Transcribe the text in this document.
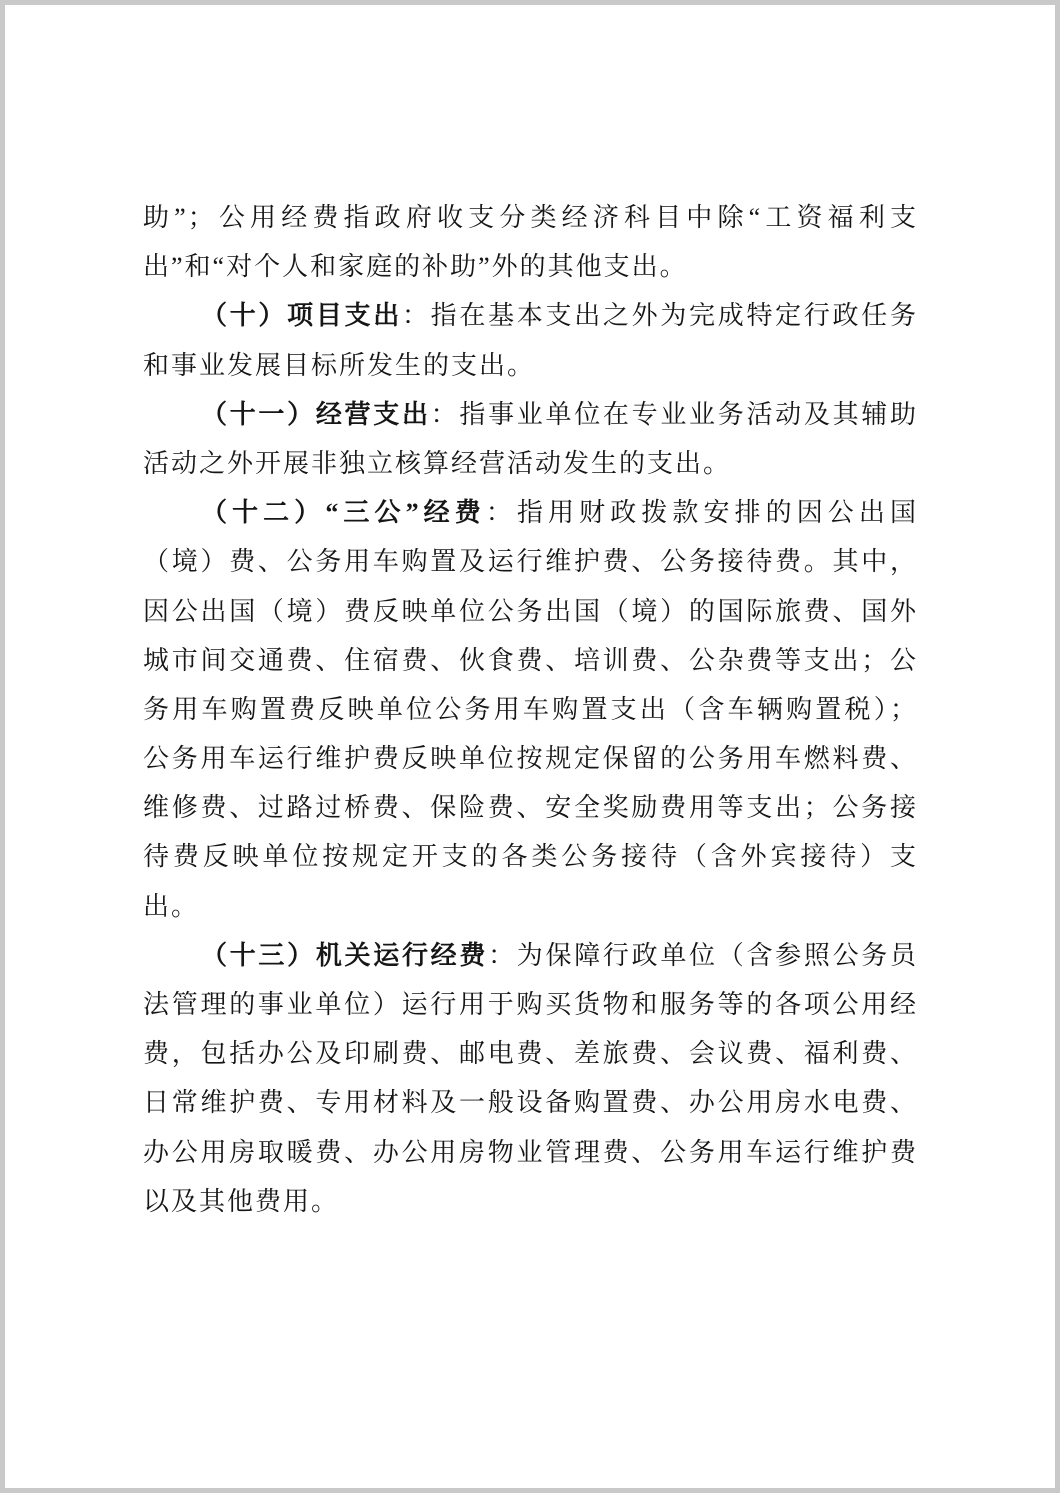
助”；公用经费指政府收支分类经济科目中除“工资福利支
出”和“对个人和家庭的补助”外的其他支出。
（十）项目支出：指在基本支出之外为完成特定行政任务
和事业发展目标所发生的支出。
（十一）经营支出：指事业单位在专业业务活动及其辅助
活动之外开展非独立核算经营活动发生的支出。
（十二）“三公”经费：指用财政拨款安排的因公出国
（境）费、公务用车购置及运行维护费、公务接待费。其中，
因公出国（境）费反映单位公务出国（境）的国际旅费、国外
城市间交通费、住宿费、伙食费、培训费、公杂费等支出；公
务用车购置费反映单位公务用车购置支出（含车辆购置税）；
公务用车运行维护费反映单位按规定保留的公务用车燃料费、
维修费、过路过桥费、保险费、安全奖励费用等支出；公务接
待费反映单位按规定开支的各类公务接待（含外宾接待）支
出。
（十三）机关运行经费：为保障行政单位（含参照公务员
法管理的事业单位）运行用于购买货物和服务等的各项公用经
费，包括办公及印刷费、邮电费、差旅费、会议费、福利费、
日常维护费、专用材料及一般设备购置费、办公用房水电费、
办公用房取暖费、办公用房物业管理费、公务用车运行维护费
以及其他费用。
